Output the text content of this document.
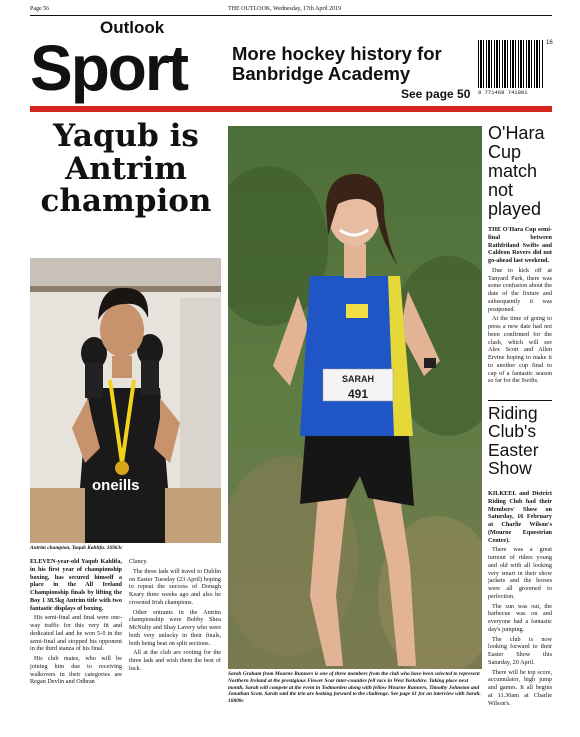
Page 56	THE OUTLOOK, Wednesday, 17th April 2019
Outlook
Sport More hockey history for
Banbridge Academy
See page 50
16
9 771468 741001
Yaqub is
Antrim
champion
oneills
Antrim champion, Yaqub Kahlifa. 16963c

ELEVEN-year-old Yaqub Kahlifa, in his first year of championship boxing, has secured himself a place in the All Ireland Championship finals by lifting the Boy 1 38.5kg Antrim title with two fantastic displays of boxing.

His semi-final and final were one-way traffic for this very fit and dedicated lad and he won 5-0 in the semi-final and stopped his opponent in the third stanza of his final.

His club mates, who will be joining him due to receiving walkovers in their categories are Regan Devlin and Odhran

Clancy.

The three lads will travel to Dublin on Easter Tuesday (23 April) hoping to repeat the success of Donagh Keary three weeks ago and also be crowned Irish champions.

Other entrants in the Antrim championship were Bobby Shea McNulty and Shay Lavery who were both very unlucky in their finals, both being beat on split sections.

All at the club are rooting for the three lads and wish them the best of luck.

SARAH
491
Sarah Graham from Mourne Runners is one of three members from the club who have been selected to represent Northern Ireland at the prestigious Flower Scar inter-counties fell race in West Yorkshire. Taking place next month, Sarah will compete at the event in Todmorden along with fellow Mourne Runners, Timothy Johnston and Jonathan Scott. Sarah said the trio are looking forward to the challenge. See page 61 for an interview with Sarah. 16808c
O'Hara Cup match not played

THE O'Hara Cup semi-final between Rathfriland Swifts and Caldeon Rovers did not go-ahead last weekend.

Due to kick off at Tanyard Park, there was some confusion about the date of the fixture and subsequently it was postponed.

At the time of going to press a new date had not been confirmed for the clash, which will see Alex Scott and Allen Ervine hoping to make it to another cup final to cap of a fantastic season so far for the Swifts.

Riding Club's Easter Show

KILKEEL and District Riding Club had their Members' Show on Saturday, 16 February at Charlie Wilson's (Mourne Equestrian Centre).

There was a great turnout of riders young and old with all looking very smart in their show jackets and the horses were all groomed to perfection.

The sun was out, the barbecue was on and everyone had a fantastic day's jumping.

The club is now looking forward to their Easter Show this Saturday, 20 April.

There will be top score, accumulator, high jump and games. It all begins at 11.30am at Charlie Wilson's.
